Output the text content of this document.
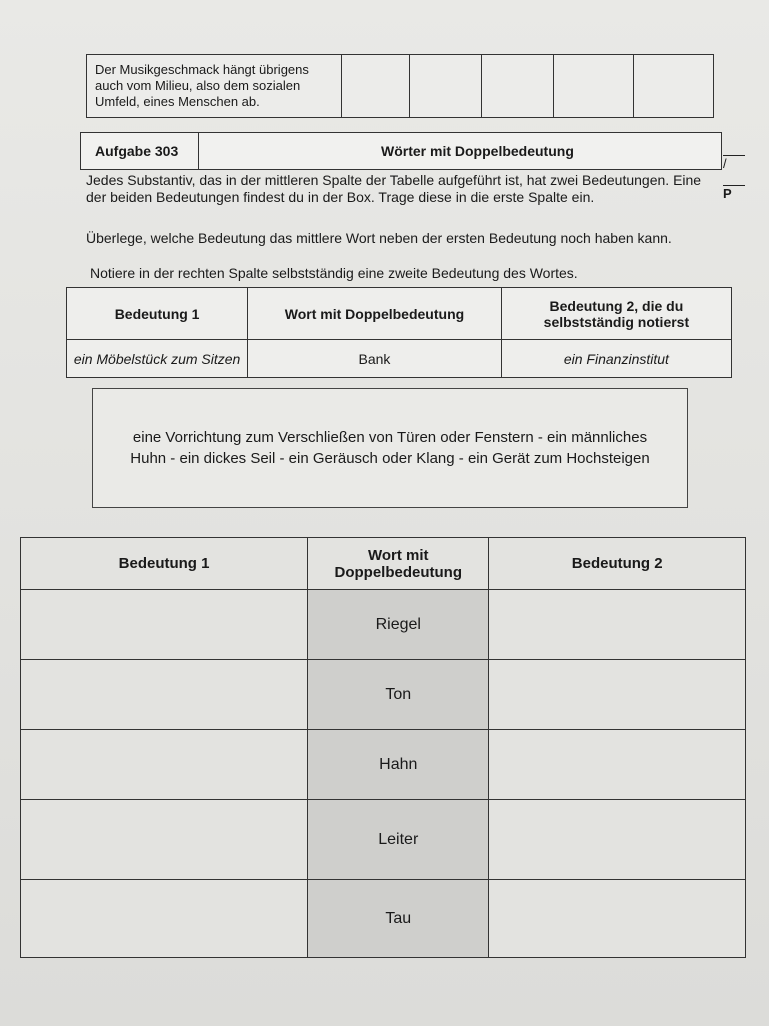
Der Musikgeschmack hängt übrigens auch vom Milieu, also dem sozialen Umfeld, eines Menschen ab.

Aufgabe 303	Wörter mit Doppelbedeutung
/ P
Jedes Substantiv, das in der mittleren Spalte der Tabelle aufgeführt ist, hat zwei Bedeutungen. Eine der beiden Bedeutungen findest du in der Box. Trage diese in die erste Spalte ein.
Überlege, welche Bedeutung das mittlere Wort neben der ersten Bedeutung noch haben kann.
Notiere in der rechten Spalte selbstständig eine zweite Bedeutung des Wortes.
Bedeutung 1	Wort mit Doppelbedeutung	Bedeutung 2, die du selbstständig notierst
ein Möbelstück zum Sitzen	Bank	ein Finanzinstitut
eine Vorrichtung zum Verschließen von Türen oder Fenstern - ein männliches Huhn - ein dickes Seil - ein Geräusch oder Klang - ein Gerät zum Hochsteigen
Bedeutung 1	Wort mit Doppelbedeutung	Bedeutung 2
	Riegel	
	Ton	
	Hahn	
	Leiter	
	Tau	
